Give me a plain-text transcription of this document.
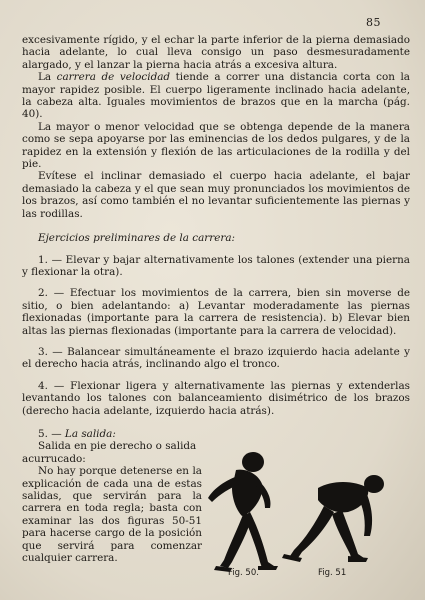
85

excesivamente rígido, y el echar la parte inferior de la pierna demasiado hacia adelante, lo cual lleva consigo un paso desmesuradamente alargado, y el lanzar la pierna hacia atrás a excesiva altura.

La carrera de velocidad tiende a correr una distancia corta con la mayor rapidez posible. El cuerpo ligeramente inclinado hacia adelante, la cabeza alta. Iguales movimientos de brazos que en la marcha (pág. 40).

La mayor o menor velocidad que se obtenga depende de la manera como se sepa apoyarse por las eminencias de los dedos pulgares, y de la rapidez en la extensión y flexión de las articulaciones de la rodilla y del pie.

Evítese el inclinar demasiado el cuerpo hacia adelante, el bajar demasiado la cabeza y el que sean muy pronunciados los movimientos de los brazos, así como también el no levantar suficientemente las piernas y las rodillas.

Ejercicios preliminares de la carrera:

1. — Elevar y bajar alternativamente los talones (extender una pierna y flexionar la otra).

2. — Efectuar los movimientos de la carrera, bien sin moverse de sitio, o bien adelantando: a) Levantar moderadamente las piernas flexionadas (importante para la carrera de resistencia). b) Elevar bien altas las piernas flexionadas (importante para la carrera de velocidad).

3. — Balancear simultáneamente el brazo izquierdo hacia adelante y el derecho hacia atrás, inclinando algo el tronco.

4. — Flexionar ligera y alternativamente las piernas y extenderlas levantando los talones con balanceamiento disimétrico de los brazos (derecho hacia adelante, izquierdo hacia atrás).

5. — La salida:

Salida en pie derecho o salida acurrucado:

No hay porque detenerse en la explicación de cada una de estas salidas, que servirán para la carrera en toda regla; basta con examinar las dos figuras 50-51 para hacerse cargo de la posición que servirá para comenzar cualquier carrera.

Fig. 50.	Fig. 51
